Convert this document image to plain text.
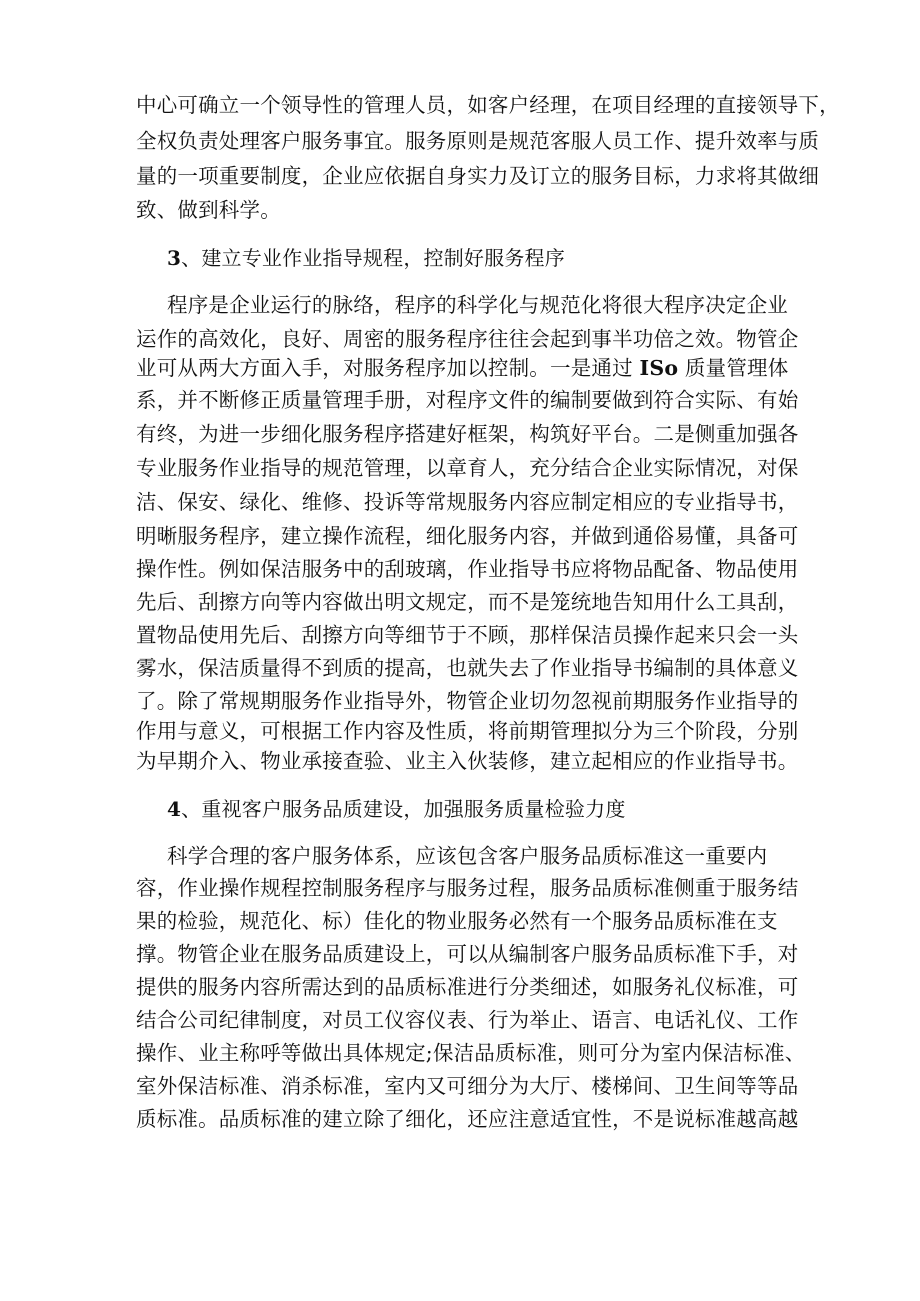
中心可确立一个领导性的管理人员，如客户经理，在项目经理的直接领导下，
全权负责处理客户服务事宜。服务原则是规范客服人员工作、提升效率与质
量的一项重要制度，企业应依据自身实力及订立的服务目标，力求将其做细
致、做到科学。
3、建立专业作业指导规程，控制好服务程序
程序是企业运行的脉络，程序的科学化与规范化将很大程序决定企业
运作的高效化，良好、周密的服务程序往往会起到事半功倍之效。物管企
业可从两大方面入手，对服务程序加以控制。一是通过 ISo 质量管理体
系，并不断修正质量管理手册，对程序文件的编制要做到符合实际、有始
有终，为进一步细化服务程序搭建好框架，构筑好平台。二是侧重加强各
专业服务作业指导的规范管理，以章育人，充分结合企业实际情况，对保
洁、保安、绿化、维修、投诉等常规服务内容应制定相应的专业指导书，
明晰服务程序，建立操作流程，细化服务内容，并做到通俗易懂，具备可
操作性。例如保洁服务中的刮玻璃，作业指导书应将物品配备、物品使用
先后、刮擦方向等内容做出明文规定，而不是笼统地告知用什么工具刮，
置物品使用先后、刮擦方向等细节于不顾，那样保洁员操作起来只会一头
雾水，保洁质量得不到质的提高，也就失去了作业指导书编制的具体意义
了。除了常规期服务作业指导外，物管企业切勿忽视前期服务作业指导的
作用与意义，可根据工作内容及性质，将前期管理拟分为三个阶段，分别
为早期介入、物业承接查验、业主入伙装修，建立起相应的作业指导书。
4、重视客户服务品质建设，加强服务质量检验力度
科学合理的客户服务体系，应该包含客户服务品质标准这一重要内
容，作业操作规程控制服务程序与服务过程，服务品质标准侧重于服务结
果的检验，规范化、标）佳化的物业服务必然有一个服务品质标准在支
撑。物管企业在服务品质建设上，可以从编制客户服务品质标准下手，对
提供的服务内容所需达到的品质标准进行分类细述，如服务礼仪标准，可
结合公司纪律制度，对员工仪容仪表、行为举止、语言、电话礼仪、工作
操作、业主称呼等做出具体规定;保洁品质标准，则可分为室内保洁标准、
室外保洁标准、消杀标准，室内又可细分为大厅、楼梯间、卫生间等等品
质标准。品质标准的建立除了细化，还应注意适宜性，不是说标准越高越
